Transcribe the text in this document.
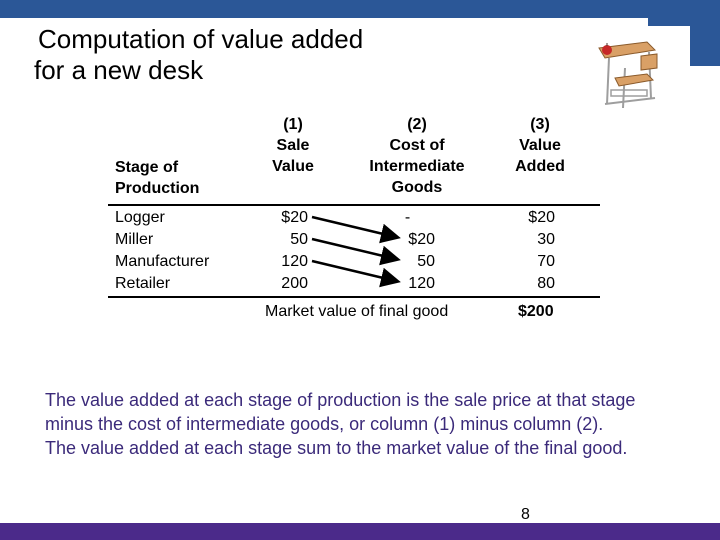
Computation of value added
for a new desk
Stage of
Production
(1)
Sale
Value
(2)
Cost of
Intermediate
Goods
(3)
Value
Added
Logger
Miller
Manufacturer
Retailer
$20
50
120
200
-
$20
50
120
$20
30
70
80
Market value of final good	$200
The value added at each stage of production is the sale price at that stage
minus the cost of intermediate goods, or column (1) minus column (2).
The value added at each stage sum to the market value of the final good.
8
